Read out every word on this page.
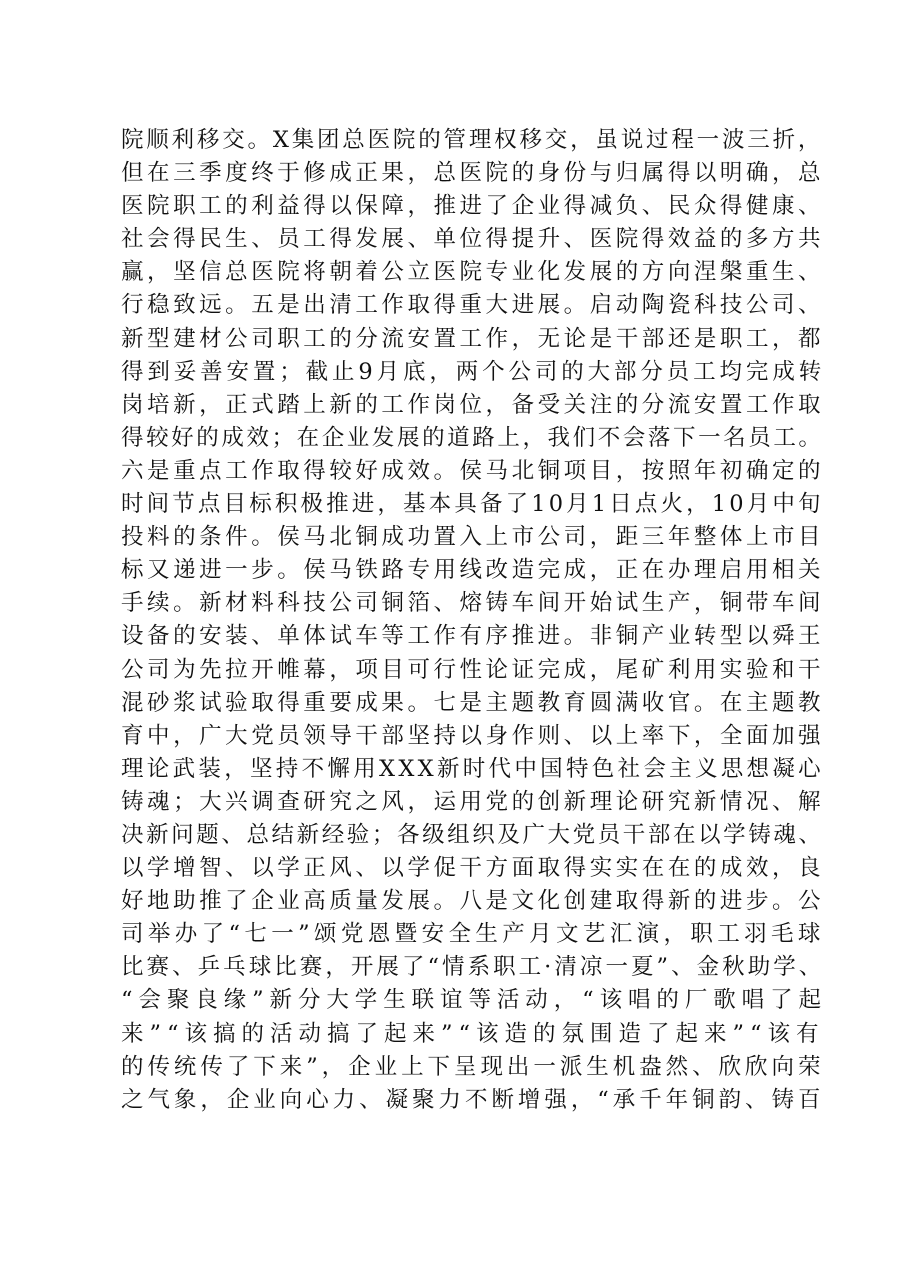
院顺利移交。X集团总医院的管理权移交，虽说过程一波三折，
但在三季度终于修成正果，总医院的身份与归属得以明确，总
医院职工的利益得以保障，推进了企业得减负、民众得健康、
社会得民生、员工得发展、单位得提升、医院得效益的多方共
赢，坚信总医院将朝着公立医院专业化发展的方向涅槃重生、
行稳致远。五是出清工作取得重大进展。启动陶瓷科技公司、
新型建材公司职工的分流安置工作，无论是干部还是职工，都
得到妥善安置；截止9月底，两个公司的大部分员工均完成转
岗培新，正式踏上新的工作岗位，备受关注的分流安置工作取
得较好的成效；在企业发展的道路上，我们不会落下一名员工。
六是重点工作取得较好成效。侯马北铜项目，按照年初确定的
时间节点目标积极推进，基本具备了10月1日点火，10月中旬
投料的条件。侯马北铜成功置入上市公司，距三年整体上市目
标又递进一步。侯马铁路专用线改造完成，正在办理启用相关
手续。新材料科技公司铜箔、熔铸车间开始试生产，铜带车间
设备的安装、单体试车等工作有序推进。非铜产业转型以舜王
公司为先拉开帷幕，项目可行性论证完成，尾矿利用实验和干
混砂浆试验取得重要成果。七是主题教育圆满收官。在主题教
育中，广大党员领导干部坚持以身作则、以上率下，全面加强
理论武装，坚持不懈用XXX新时代中国特色社会主义思想凝心
铸魂；大兴调查研究之风，运用党的创新理论研究新情况、解
决新问题、总结新经验；各级组织及广大党员干部在以学铸魂、
以学增智、以学正风、以学促干方面取得实实在在的成效，良
好地助推了企业高质量发展。八是文化创建取得新的进步。公
司举办了“七一”颂党恩暨安全生产月文艺汇演，职工羽毛球
比赛、乒乓球比赛，开展了“情系职工·清凉一夏”、金秋助学、
“会聚良缘”新分大学生联谊等活动，“该唱的厂歌唱了起
来”“该搞的活动搞了起来”“该造的氛围造了起来”“该有
的传统传了下来”，企业上下呈现出一派生机盎然、欣欣向荣
之气象，企业向心力、凝聚力不断增强，“承千年铜韵、铸百
